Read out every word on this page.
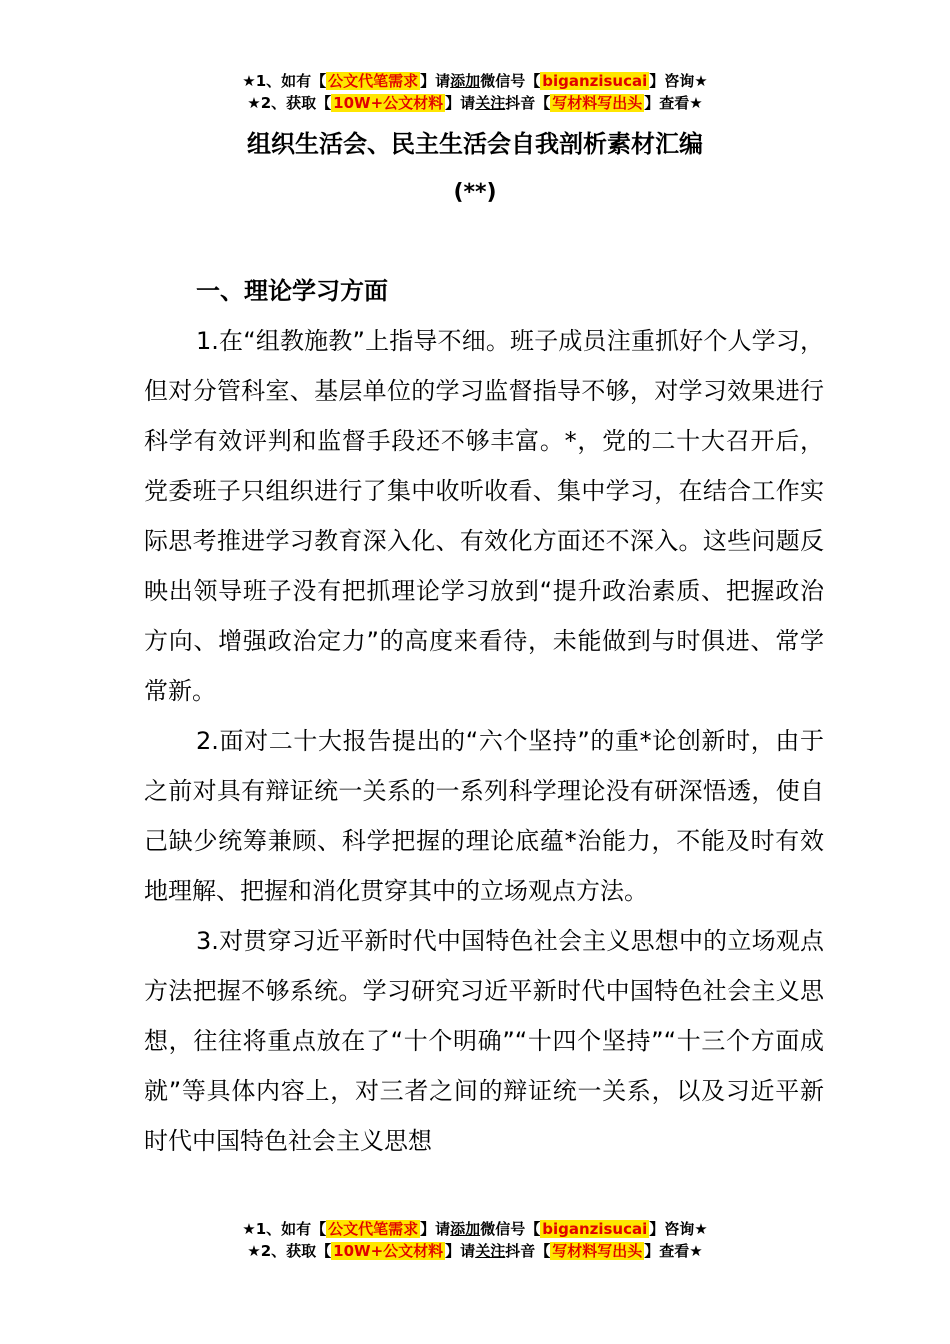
★1、如有【 公文代笔需求 】请添加微信号【 biganzisucai 】咨询★
★2、获取【 10W+公文材料 】请关注抖音【 写材料写出头 】查看★
组织生活会、民主生活会自我剖析素材汇编
(**)

一、理论学习方面

1.在“组教施教”上指导不细。班子成员注重抓好个人学习，但对分管科室、基层单位的学习监督指导不够，对学习效果进行科学有效评判和监督手段还不够丰富。*，党的二十大召开后，党委班子只组织进行了集中收听收看、集中学习，在结合工作实际思考推进学习教育深入化、有效化方面还不深入。这些问题反映出领导班子没有把抓理论学习放到“提升政治素质、把握政治方向、增强政治定力”的高度来看待，未能做到与时俱进、常学常新。

2.面对二十大报告提出的“六个坚持”的重*论创新时，由于之前对具有辩证统一关系的一系列科学理论没有研深悟透，使自己缺少统筹兼顾、科学把握的理论底蕴*治能力，不能及时有效地理解、把握和消化贯穿其中的立场观点方法。

3.对贯穿习近平新时代中国特色社会主义思想中的立场观点方法把握不够系统。学习研究习近平新时代中国特色社会主义思想，往往将重点放在了“十个明确”“十四个坚持”“十三个方面成就”等具体内容上，对三者之间的辩证统一关系，以及习近平新时代中国特色社会主义思想

★1、如有【 公文代笔需求 】请添加微信号【 biganzisucai 】咨询★
★2、获取【 10W+公文材料 】请关注抖音【 写材料写出头 】查看★
